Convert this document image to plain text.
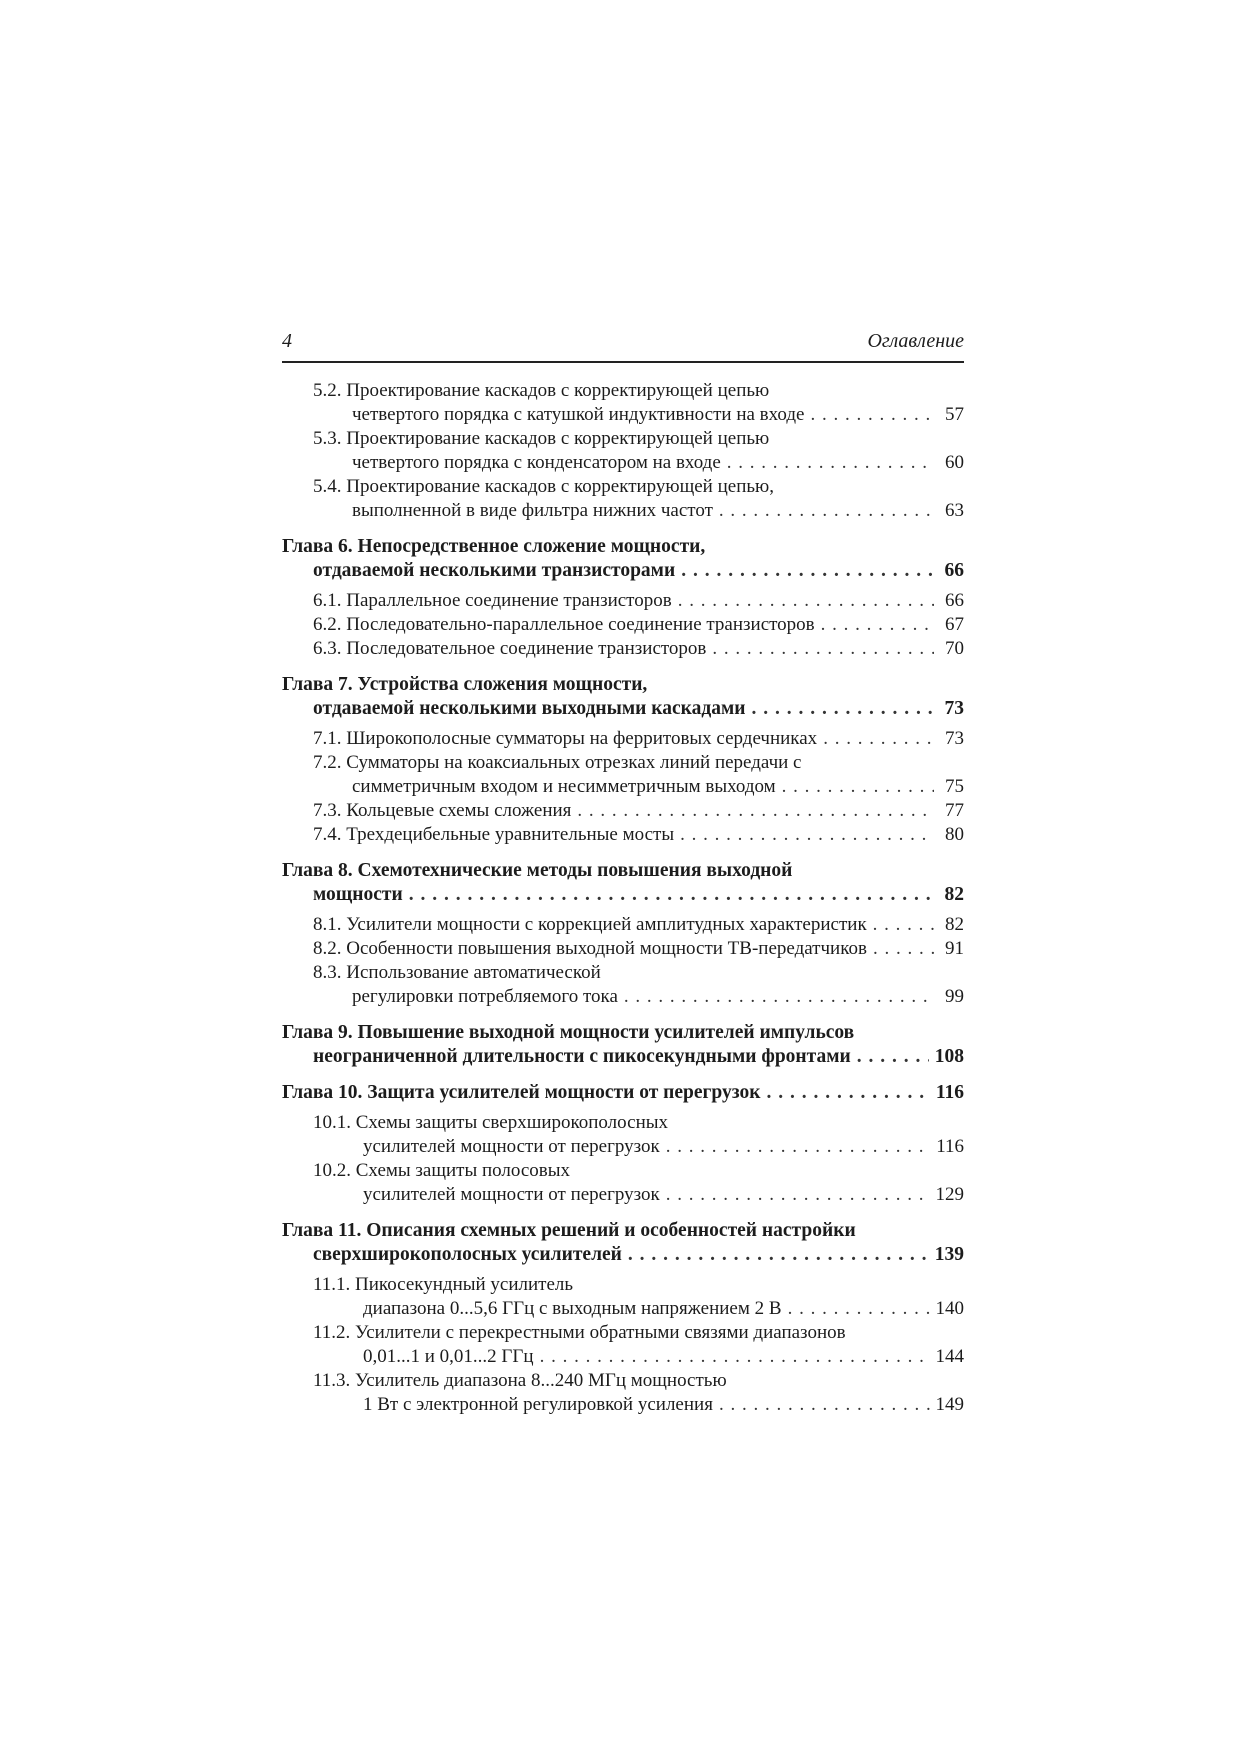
4	Оглавление
5.2. Проектирование каскадов с корректирующей цепью
четвертого порядка с катушкой индуктивности на входе . . .	57
5.3. Проектирование каскадов с корректирующей цепью
четвертого порядка с конденсатором на входе . . .	60
5.4. Проектирование каскадов с корректирующей цепью,
выполненной в виде фильтра нижних частот . . .	63
Глава 6. Непосредственное сложение мощности,
отдаваемой несколькими транзисторами . . .	66
6.1. Параллельное соединение транзисторов . . .	66
6.2. Последовательно-параллельное соединение транзисторов . . .	67
6.3. Последовательное соединение транзисторов . . .	70
Глава 7. Устройства сложения мощности,
отдаваемой несколькими выходными каскадами . . .	73
7.1. Широкополосные сумматоры на ферритовых сердечниках . . .	73
7.2. Сумматоры на коаксиальных отрезках линий передачи с
симметричным входом и несимметричным выходом . . .	75
7.3. Кольцевые схемы сложения . . .	77
7.4. Трехдецибельные уравнительные мосты . . .	80
Глава 8. Схемотехнические методы повышения выходной
мощности . . .	82
8.1. Усилители мощности с коррекцией амплитудных характеристик . . .	82
8.2. Особенности повышения выходной мощности ТВ-передатчиков . . .	91
8.3. Использование автоматической
регулировки потребляемого тока . . .	99
Глава 9. Повышение выходной мощности усилителей импульсов
неограниченной длительности с пикосекундными фронтами . . .	108
Глава 10. Защита усилителей мощности от перегрузок . . .	116
10.1. Схемы защиты сверхширокополосных
усилителей мощности от перегрузок . . .	116
10.2. Схемы защиты полосовых
усилителей мощности от перегрузок . . .	129
Глава 11. Описания схемных решений и особенностей настройки
сверхширокополосных усилителей . . .	139
11.1. Пикосекундный усилитель
диапазона 0...5,6 ГГц с выходным напряжением 2 В . . .	140
11.2. Усилители с перекрестными обратными связями диапазонов
0,01...1 и 0,01...2 ГГц . . .	144
11.3. Усилитель диапазона 8...240 МГц мощностью
1 Вт с электронной регулировкой усиления . . .	149
